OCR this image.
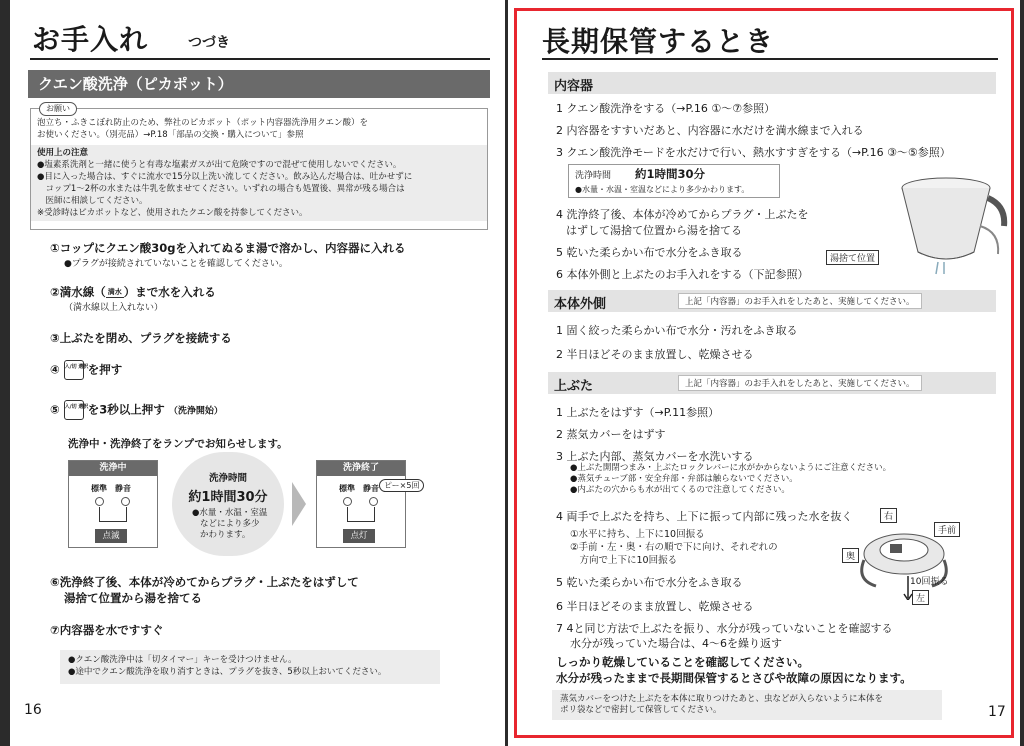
お手入れ	つづき
クエン酸洗浄（ピカポット）
お願い
泡立ち・ふきこぼれ防止のため、弊社のピカポット（ポット内容器洗浄用クエン酸）を
お使いください。（別売品）→P.18「部品の交換・購入について」参照
使用上の注意
●塩素系洗剤と一緒に使うと有毒な塩素ガスが出て危険ですので混ぜて使用しないでください。
●目に入った場合は、すぐに流水で15分以上洗い流してください。飲み込んだ場合は、吐かせずに
　コップ1～2杯の水または牛乳を飲ませてください。いずれの場合も処置後、異常が残る場合は
　医師に相談してください。
※受診時はピカポットなど、使用されたクエン酸を持参してください。
①コップにクエン酸30gを入れてぬるま湯で溶かし、内容器に入れる
●プラグが接続されていないことを確認してください。
②満水線（ 満水 ）まで水を入れる
（満水線以上入れない）
③上ぶたを閉め、プラグを接続する
④ 入/切 選択 を押す
⑤ 入/切 選択 を3秒以上押す （洗浄開始）
洗浄中・洗浄終了をランプでお知らせします。
洗浄中
標準 静音
点滅
洗浄時間
約1時間30分
●水量・水温・室温
などにより多少
かわります。
洗浄終了
標準 静音
点灯
ピー×5回
⑥洗浄終了後、本体が冷めてからプラグ・上ぶたをはずして
湯捨て位置から湯を捨てる
⑦内容器を水ですすぐ
●クエン酸洗浄中は「切タイマー」キーを受けつけません。
●途中でクエン酸洗浄を取り消すときは、プラグを抜き、5秒以上おいてください。
16
長期保管するとき
内容器
1 クエン酸洗浄をする（→P.16 ①～⑦参照）
2 内容器をすすいだあと、内容器に水だけを満水線まで入れる
3 クエン酸洗浄モードを水だけで行い、熱水すすぎをする（→P.16 ③～⑤参照）
洗浄時間 約1時間30分
●水量・水温・室温などにより多少かわります。
4 洗浄終了後、本体が冷めてからプラグ・上ぶたを
はずして湯捨て位置から湯を捨てる
5 乾いた柔らかい布で水分をふき取る
6 本体外側と上ぶたのお手入れをする（下記参照）
湯捨て位置
本体外側	上記「内容器」のお手入れをしたあと、実施してください。
1 固く絞った柔らかい布で水分・汚れをふき取る
2 半日ほどそのまま放置し、乾燥させる
上ぶた	上記「内容器」のお手入れをしたあと、実施してください。
1 上ぶたをはずす（→P.11参照）
2 蒸気カバーをはずす
3 上ぶた内部、蒸気カバーを水洗いする
●上ぶた開閉つまみ・上ぶたロックレバーに水がかからないようにご注意ください。
●蒸気チューブ部・安全弁部・弁部は触らないでください。
●内ぶたの穴からも水が出てくるので注意してください。
4 両手で上ぶたを持ち、上下に振って内部に残った水を抜く
①水平に持ち、上下に10回振る
②手前・左・奥・右の順で下に向け、それぞれの
　方向で上下に10回振る
右
手前
奥
10回振る
左
5 乾いた柔らかい布で水分をふき取る
6 半日ほどそのまま放置し、乾燥させる
7 4と同じ方法で上ぶたを振り、水分が残っていないことを確認する
水分が残っていた場合は、4～6を繰り返す
しっかり乾燥していることを確認してください。
水分が残ったままで長期間保管するとさびや故障の原因になります。
蒸気カバーをつけた上ぶたを本体に取りつけたあと、虫などが入らないように本体を
ポリ袋などで密封して保管してください。	17
